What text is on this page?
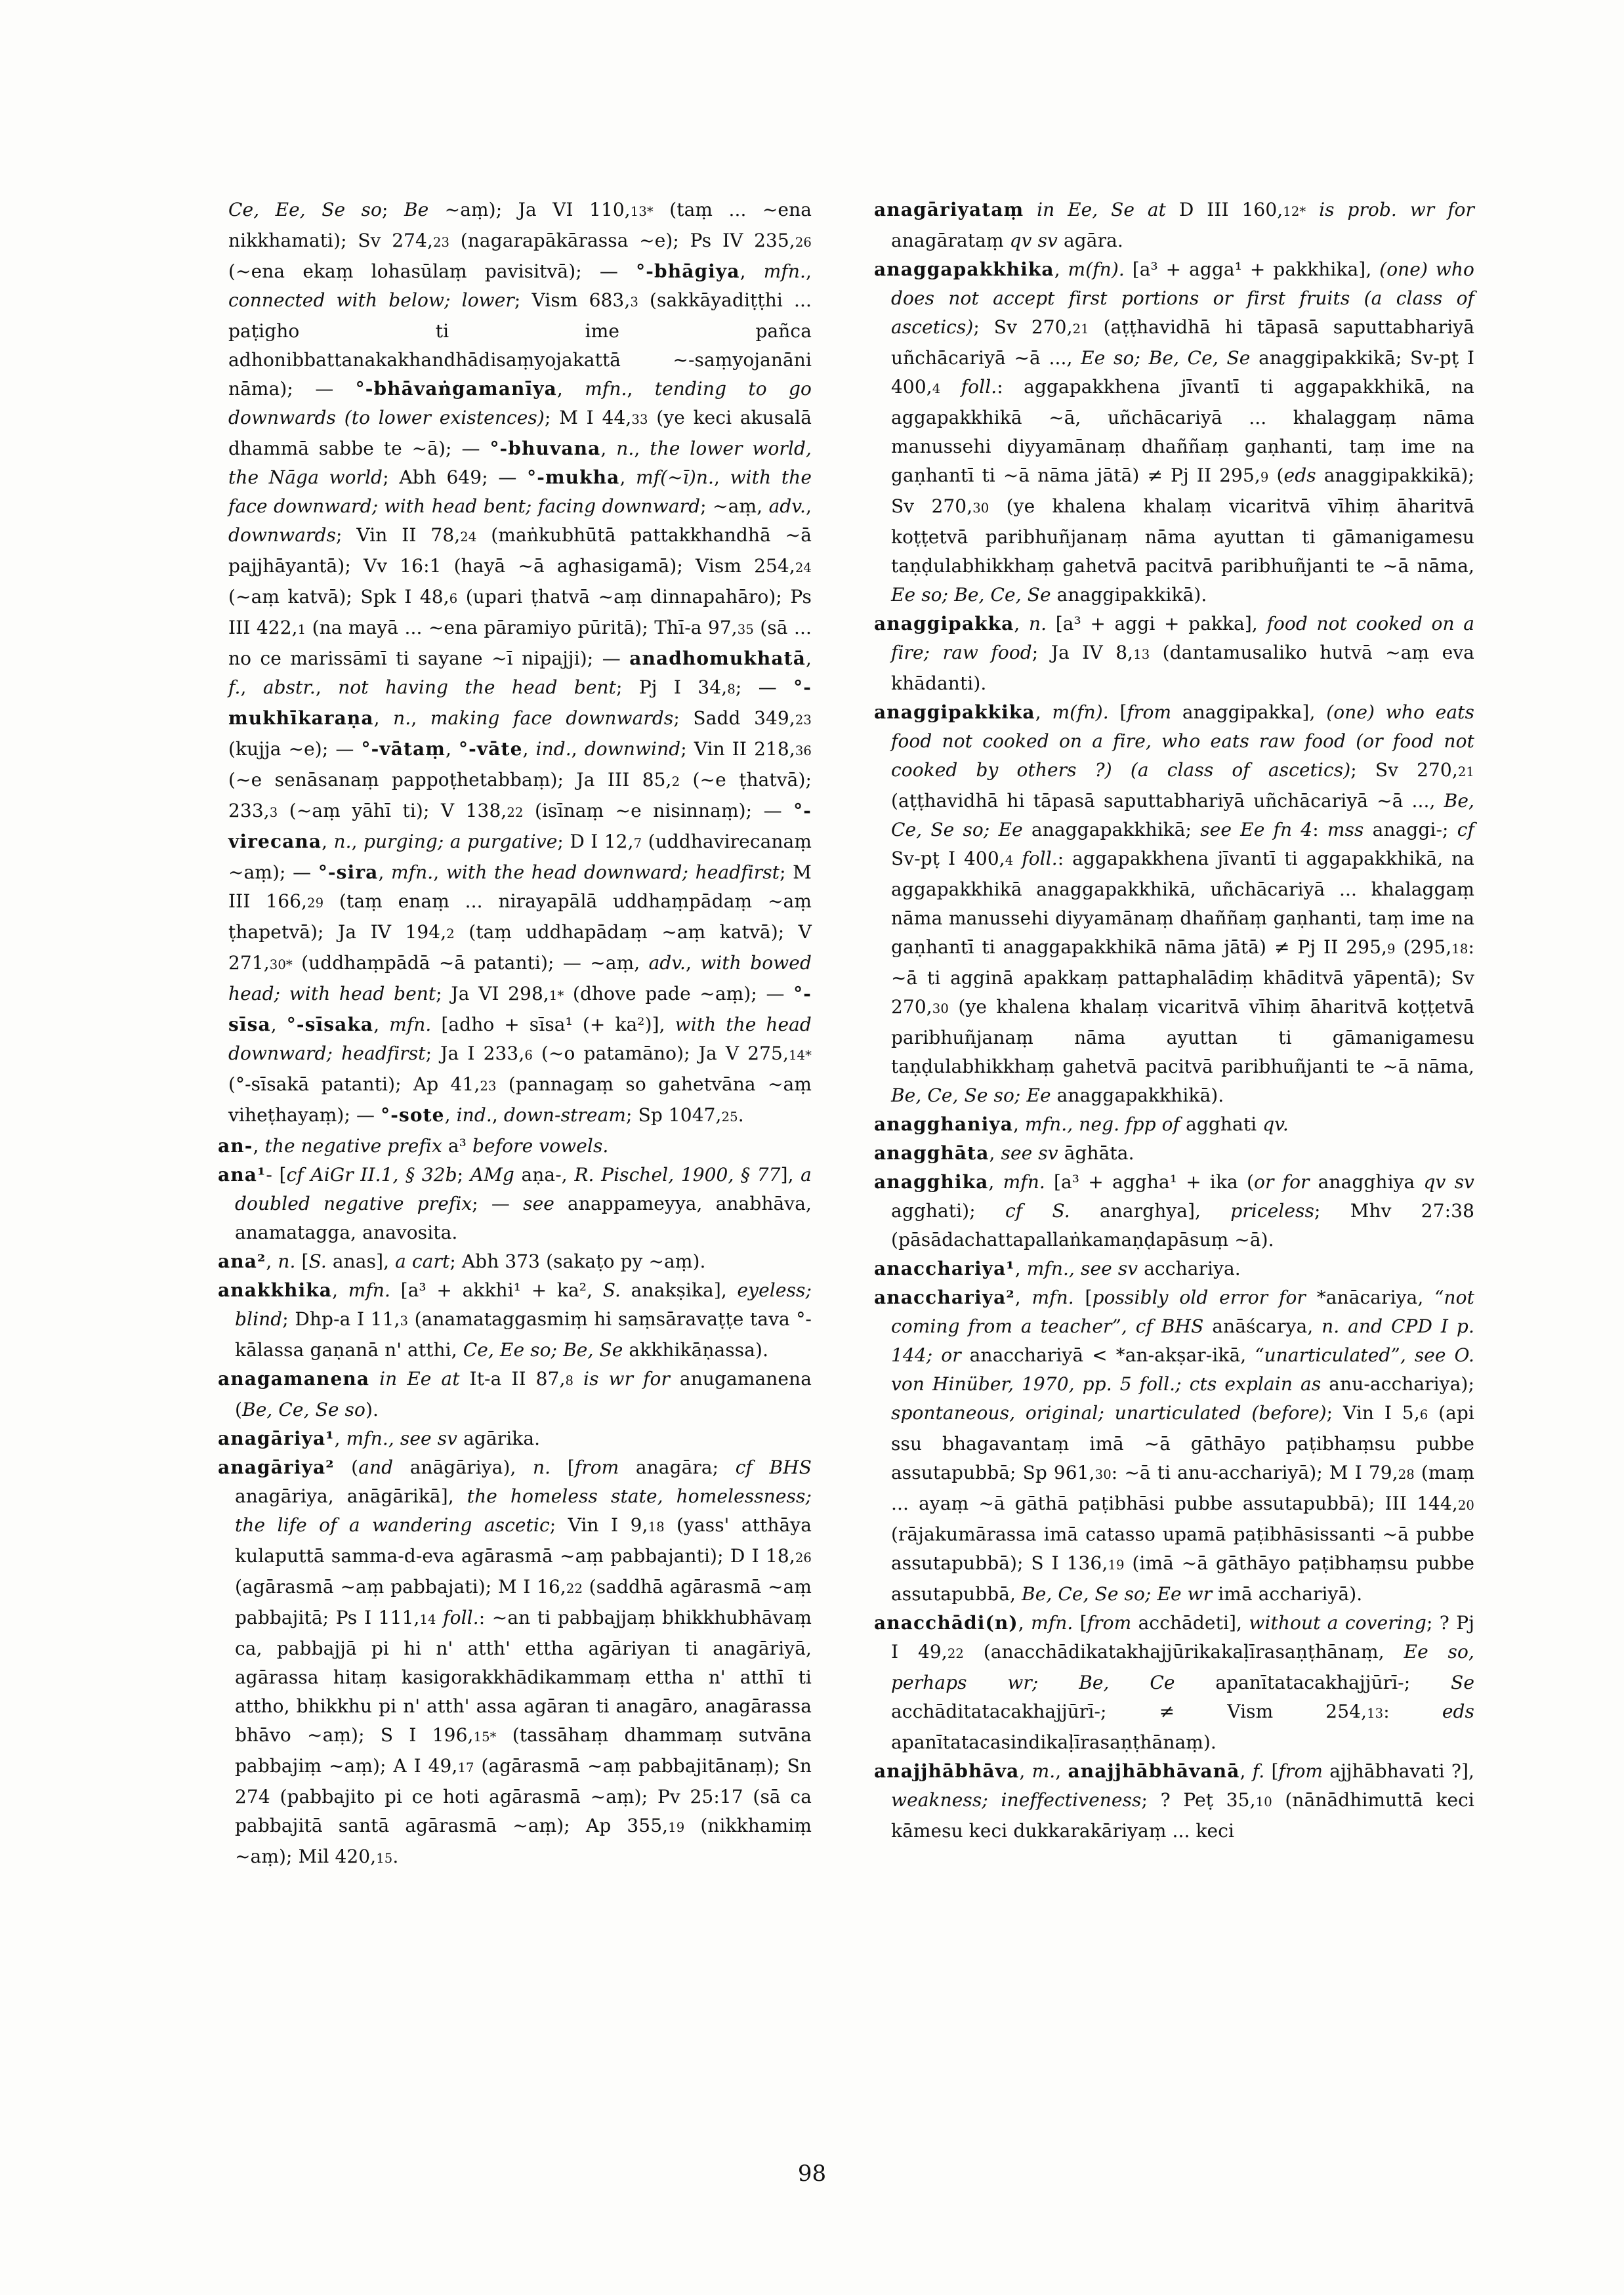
Ce, Ee, Se so; Be ~aṃ); Ja VI 110,13* (taṃ ... ~ena nikkhamati); Sv 274,23 (nagarapākārassa ~e); Ps IV 235,26 (~ena ekaṃ lohasūlaṃ pavisitvā); — °-bhāgiya, mfn., connected with below; lower; Vism 683,3 (sakkāyadiṭṭhi ... paṭigho ti ime pañca adhonibbattanakakhandhādisaṃyojakattā ~-saṃyojanāni nāma); — °-bhāvaṅgamanīya, mfn., tending to go downwards (to lower existences); M I 44,33 (ye keci akusalā dhammā sabbe te ~ā); — °-bhuvana, n., the lower world, the Nāga world; Abh 649; — °-mukha, mf(~ī)n., with the face downward; with head bent; facing downward; ~aṃ, adv., downwards; Vin II 78,24 (maṅkubhūtā pattakkhandhā ~ā pajjhāyantā); Vv 16:1 (hayā ~ā aghasigamā); Vism 254,24 (~aṃ katvā); Spk I 48,6 (upari ṭhatvā ~aṃ dinnapahāro); Ps III 422,1 (na mayā ... ~ena pāramiyo pūritā); Thī-a 97,35 (sā ... no ce marissāmī ti sayane ~ī nipajji); — anadhomukhatā, f., abstr., not having the head bent; Pj I 34,8; — °-mukhīkaraṇa, n., making face downwards; Sadd 349,23 (kujja ~e); — °-vātaṃ, °-vāte, ind., downwind; Vin II 218,36 (~e senāsanaṃ pappoṭhetabbaṃ); Ja III 85,2 (~e ṭhatvā); 233,3 (~aṃ yāhī ti); V 138,22 (isīnaṃ ~e nisinnaṃ); — °-virecana, n., purging; a purgative; D I 12,7 (uddhavirecanaṃ ~aṃ); — °-sira, mfn., with the head downward; headfirst; M III 166,29 (taṃ enaṃ ... nirayapālā uddhaṃpādaṃ ~aṃ ṭhapetvā); Ja IV 194,2 (taṃ uddhapādaṃ ~aṃ katvā); V 271,30* (uddhaṃpādā ~ā patanti); — ~aṃ, adv., with bowed head; with head bent; Ja VI 298,1* (dhove pade ~aṃ); — °-sīsa, °-sīsaka, mfn. [adho + sīsa¹ (+ ka²)], with the head downward; headfirst; Ja I 233,6 (~o patamāno); Ja V 275,14* (°-sīsakā patanti); Ap 41,23 (pannagaṃ so gahetvāna ~aṃ viheṭhayaṃ); — °-sote, ind., down-stream; Sp 1047,25.

an-, the negative prefix a³ before vowels.

ana¹- [cf AiGr II.1, § 32b; AMg aṇa-, R. Pischel, 1900, § 77], a doubled negative prefix; — see anappameyya, anabhāva, anamatagga, anavosita.

ana², n. [S. anas], a cart; Abh 373 (sakaṭo py ~aṃ).

anakkhika, mfn. [a³ + akkhi¹ + ka², S. anakṣika], eyeless; blind; Dhp-a I 11,3 (anamataggasmiṃ hi saṃsāravaṭṭe tava °-kālassa gaṇanā n' atthi, Ce, Ee so; Be, Se akkhikāṇassa).

anagamanena in Ee at It-a II 87,8 is wr for anugamanena (Be, Ce, Se so).

anagāriya¹, mfn., see sv agārika.

anagāriya² (and anāgāriya), n. [from anagāra; cf BHS anagāriya, anāgārikā], the homeless state, homelessness; the life of a wandering ascetic; Vin I 9,18 (yass' atthāya kulaputtā samma-d-eva agārasmā ~aṃ pabbajanti); D I 18,26 (agārasmā ~aṃ pabbajati); M I 16,22 (saddhā agārasmā ~aṃ pabbajitā; Ps I 111,14 foll.: ~an ti pabbajjaṃ bhikkhubhāvaṃ ca, pabbajjā pi hi n' atth' ettha agāriyan ti anagāriyā, agārassa hitaṃ kasigorakkhādikammaṃ ettha n' atthī ti attho, bhikkhu pi n' atth' assa agāran ti anagāro, anagārassa bhāvo ~aṃ); S I 196,15* (tassāhaṃ dhammaṃ sutvāna pabbajiṃ ~aṃ); A I 49,17 (agārasmā ~aṃ pabbajitānaṃ); Sn 274 (pabbajito pi ce hoti agārasmā ~aṃ); Pv 25:17 (sā ca pabbajitā santā agārasmā ~aṃ); Ap 355,19 (nikkhamiṃ ~aṃ); Mil 420,15.

anagāriyataṃ in Ee, Se at D III 160,12* is prob. wr for anagārataṃ qv sv agāra.

anaggapakkhika, m(fn). [a³ + agga¹ + pakkhika], (one) who does not accept first portions or first fruits (a class of ascetics); Sv 270,21 (aṭṭhavidhā hi tāpasā saputtabhariyā uñchācariyā ~ā ..., Ee so; Be, Ce, Se anaggipakkikā; Sv-pṭ I 400,4 foll.: aggapakkhena jīvantī ti aggapakkhikā, na aggapakkhikā ~ā, uñchācariyā ... khalaggaṃ nāma manussehi diyyamānaṃ dhaññaṃ gaṇhanti, taṃ ime na gaṇhantī ti ~ā nāma jātā) ≠ Pj II 295,9 (eds anaggipakkikā); Sv 270,30 (ye khalena khalaṃ vicaritvā vīhiṃ āharitvā koṭṭetvā paribhuñjanaṃ nāma ayuttan ti gāmanigamesu taṇḍulabhikkhaṃ gahetvā pacitvā paribhuñjanti te ~ā nāma, Ee so; Be, Ce, Se anaggipakkikā).

anaggipakka, n. [a³ + aggi + pakka], food not cooked on a fire; raw food; Ja IV 8,13 (dantamusaliko hutvā ~aṃ eva khādanti).

anaggipakkika, m(fn). [from anaggipakka], (one) who eats food not cooked on a fire, who eats raw food (or food not cooked by others ?) (a class of ascetics); Sv 270,21 (aṭṭhavidhā hi tāpasā saputtabhariyā uñchācariyā ~ā ..., Be, Ce, Se so; Ee anaggapakkhikā; see Ee fn 4: mss anaggi-; cf Sv-pṭ I 400,4 foll.: aggapakkhena jīvantī ti aggapakkhikā, na aggapakkhikā anaggapakkhikā, uñchācariyā ... khalaggaṃ nāma manussehi diyyamānaṃ dhaññaṃ gaṇhanti, taṃ ime na gaṇhantī ti anaggapakkhikā nāma jātā) ≠ Pj II 295,9 (295,18: ~ā ti agginā apakkaṃ pattaphalādiṃ khāditvā yāpentā); Sv 270,30 (ye khalena khalaṃ vicaritvā vīhiṃ āharitvā koṭṭetvā paribhuñjanaṃ nāma ayuttan ti gāmanigamesu taṇḍulabhikkhaṃ gahetvā pacitvā paribhuñjanti te ~ā nāma, Be, Ce, Se so; Ee anaggapakkhikā).

anagghaniya, mfn., neg. fpp of agghati qv.

anagghāta, see sv āghāta.

anagghika, mfn. [a³ + aggha¹ + ika (or for anagghiya qv sv agghati); cf S. anarghya], priceless; Mhv 27:38 (pāsādachattapallaṅkamaṇḍapāsuṃ ~ā).

anacchariya¹, mfn., see sv acchariya.

anacchariya², mfn. [possibly old error for *anācariya, “not coming from a teacher”, cf BHS anāścarya, n. and CPD I p. 144; or anacchariyā < *an-akṣar-ikā, “unarticulated”, see O. von Hinüber, 1970, pp. 5 foll.; cts explain as anu-acchariya); spontaneous, original; unarticulated (before); Vin I 5,6 (api ssu bhagavantaṃ imā ~ā gāthāyo paṭibhaṃsu pubbe assutapubbā; Sp 961,30: ~ā ti anu-acchariyā); M I 79,28 (maṃ ... ayaṃ ~ā gāthā paṭibhāsi pubbe assutapubbā); III 144,20 (rājakumārassa imā catasso upamā paṭibhāsissanti ~ā pubbe assutapubbā); S I 136,19 (imā ~ā gāthāyo paṭibhaṃsu pubbe assutapubbā, Be, Ce, Se so; Ee wr imā acchariyā).

anacchādi(n), mfn. [from acchādeti], without a covering; ? Pj I 49,22 (anacchādikatakhajjūrikakaḷīrasaṇṭhānaṃ, Ee so, perhaps wr; Be, Ce apanītatacakhajjūrī-; Se acchāditatacakhajjūrī-; ≠ Vism 254,13: eds apanītatacasindikaḷīrasaṇṭhānaṃ).

anajjhābhāva, m., anajjhābhāvanā, f. [from ajjhābhavati ?], weakness; ineffectiveness; ? Peṭ 35,10 (nānādhimuttā keci kāmesu keci dukkarakāriyaṃ ... keci

98
